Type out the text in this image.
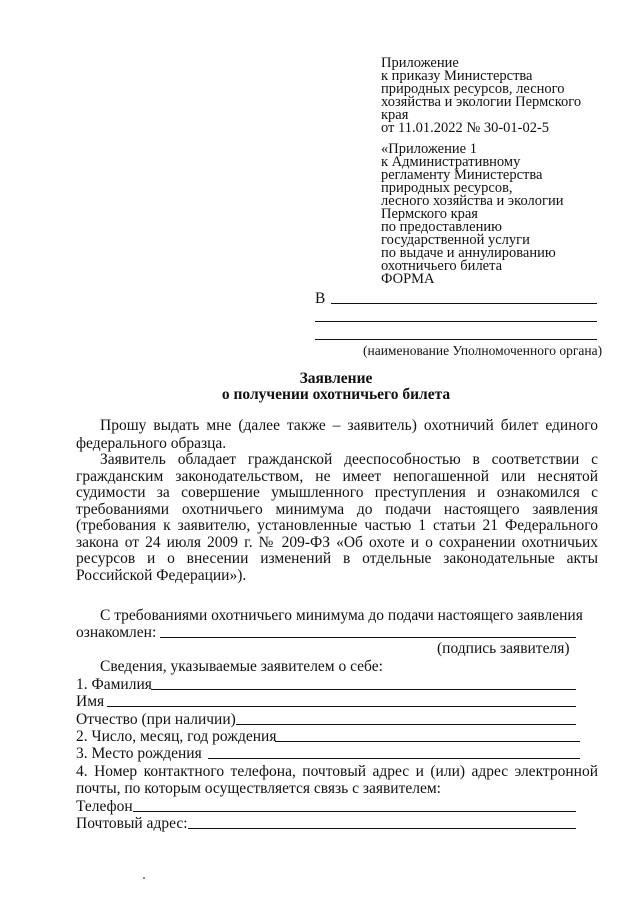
Приложение
к приказу Министерства
природных ресурсов, лесного
хозяйства и экологии Пермского
края
от 11.01.2022 № 30-01-02-5
«Приложение 1
к Административному
регламенту Министерства
природных ресурсов,
лесного хозяйства и экологии
Пермского края
по предоставлению
государственной услуги
по выдаче и аннулированию
охотничьего билета
ФОРМА
В
(наименование Уполномоченного органа)
Заявление
о получении охотничьего билета
Прошу выдать мне (далее также – заявитель) охотничий билет единого федерального образца.
Заявитель обладает гражданской дееспособностью в соответствии с гражданским законодательством, не имеет непогашенной или неснятой судимости за совершение умышленного преступления и ознакомился с требованиями охотничьего минимума до подачи настоящего заявления (требования к заявителю, установленные частью 1 статьи 21 Федерального закона от 24 июля 2009 г. № 209-ФЗ «Об охоте и о сохранении охотничьих ресурсов и о внесении изменений в отдельные законодательные акты Российской Федерации»).
С требованиями охотничьего минимума до подачи настоящего заявления
ознакомлен:
(подпись заявителя)
Сведения, указываемые заявителем о себе:
1. Фамилия
Имя
Отчество (при наличии)
2. Число, месяц, год рождения
3. Место рождения
4. Номер контактного телефона, почтовый адрес и (или) адрес электронной
почты, по которым осуществляется связь с заявителем:
Телефон
Почтовый адрес:
